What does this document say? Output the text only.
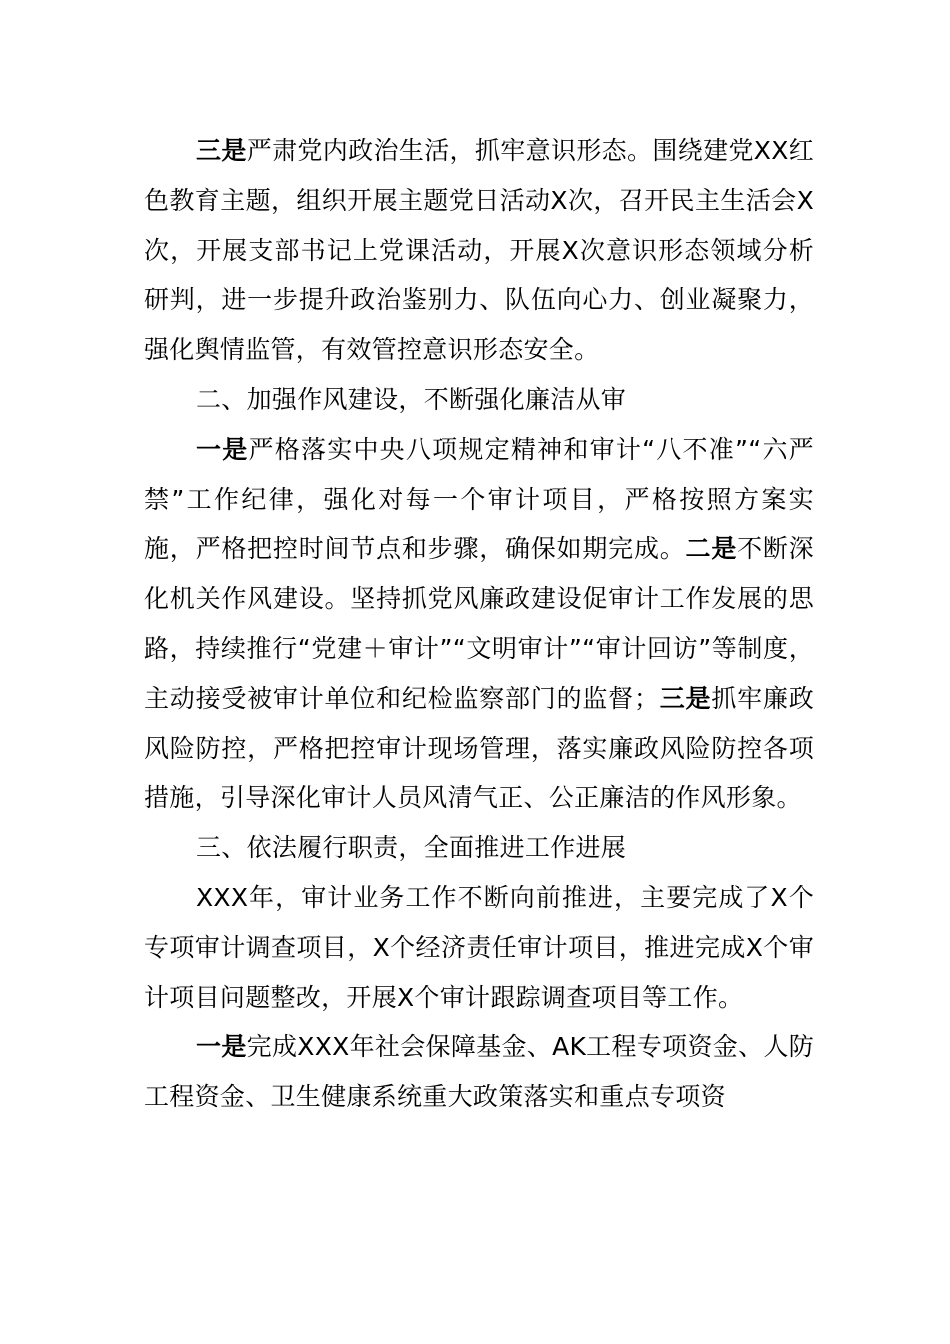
三是严肃党内政治生活，抓牢意识形态。围绕建党XX红色教育主题，组织开展主题党日活动X次，召开民主生活会X次，开展支部书记上党课活动，开展X次意识形态领域分析研判，进一步提升政治鉴别力、队伍向心力、创业凝聚力，强化舆情监管，有效管控意识形态安全。

二、加强作风建设，不断强化廉洁从审

一是严格落实中央八项规定精神和审计“八不准”“六严禁”工作纪律，强化对每一个审计项目，严格按照方案实施，严格把控时间节点和步骤，确保如期完成。二是不断深化机关作风建设。坚持抓党风廉政建设促审计工作发展的思路，持续推行“党建＋审计”“文明审计”“审计回访”等制度，主动接受被审计单位和纪检监察部门的监督；三是抓牢廉政风险防控，严格把控审计现场管理，落实廉政风险防控各项措施，引导深化审计人员风清气正、公正廉洁的作风形象。

三、依法履行职责，全面推进工作进展

XXX年，审计业务工作不断向前推进，主要完成了X个专项审计调查项目，X个经济责任审计项目，推进完成X个审计项目问题整改，开展X个审计跟踪调查项目等工作。

一是完成XXX年社会保障基金、AK工程专项资金、人防工程资金、卫生健康系统重大政策落实和重点专项资
